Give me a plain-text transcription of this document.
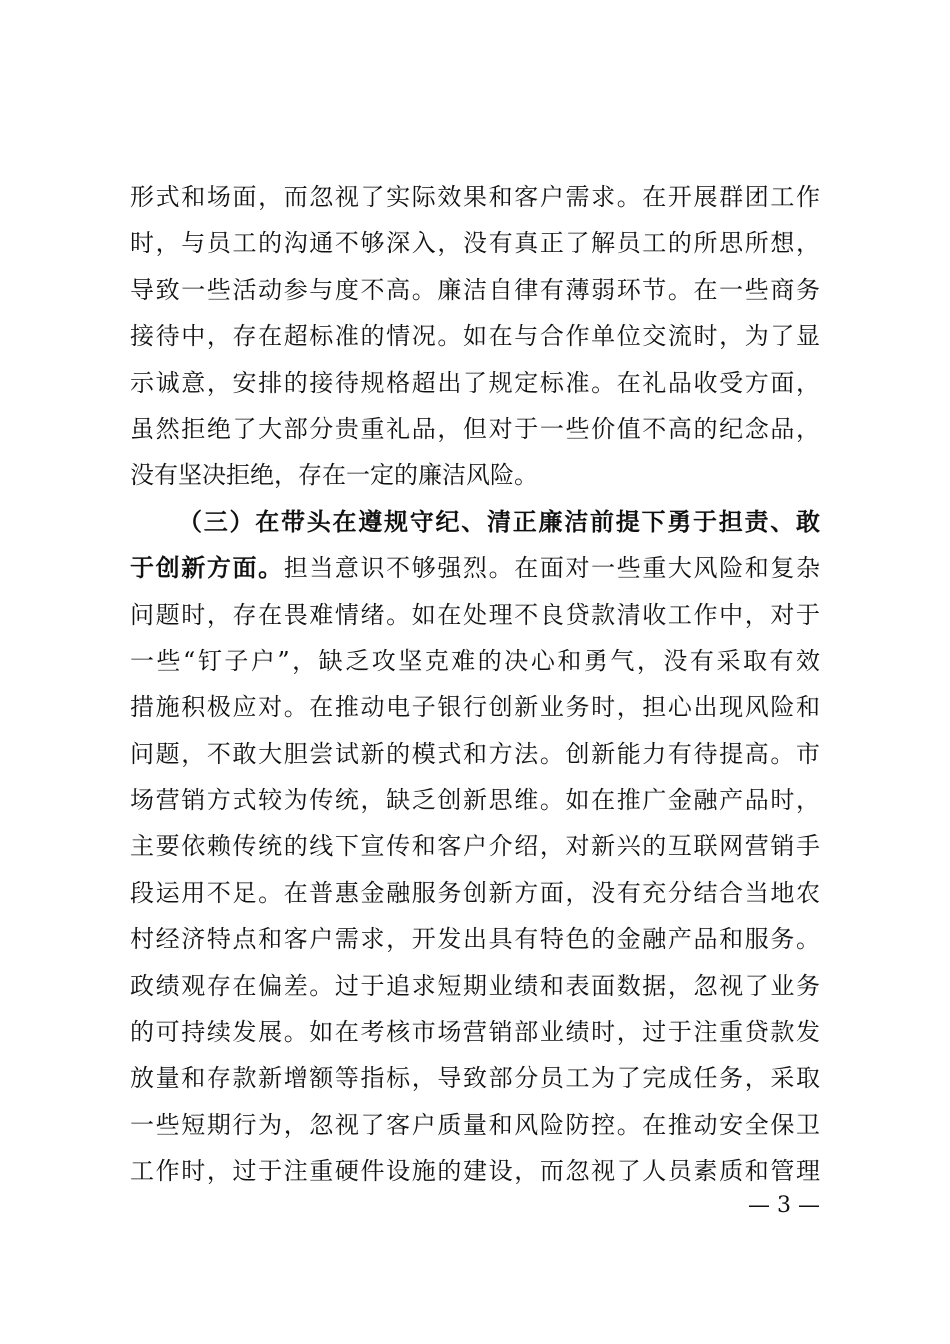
形式和场面，而忽视了实际效果和客户需求。在开展群团工作
时，与员工的沟通不够深入，没有真正了解员工的所思所想，
导致一些活动参与度不高。廉洁自律有薄弱环节。在一些商务
接待中，存在超标准的情况。如在与合作单位交流时，为了显
示诚意，安排的接待规格超出了规定标准。在礼品收受方面，
虽然拒绝了大部分贵重礼品，但对于一些价值不高的纪念品，
没有坚决拒绝，存在一定的廉洁风险。
（三）在带头在遵规守纪、清正廉洁前提下勇于担责、敢
于创新方面。担当意识不够强烈。在面对一些重大风险和复杂
问题时，存在畏难情绪。如在处理不良贷款清收工作中，对于
一些“钉子户”，缺乏攻坚克难的决心和勇气，没有采取有效
措施积极应对。在推动电子银行创新业务时，担心出现风险和
问题，不敢大胆尝试新的模式和方法。创新能力有待提高。市
场营销方式较为传统，缺乏创新思维。如在推广金融产品时，
主要依赖传统的线下宣传和客户介绍，对新兴的互联网营销手
段运用不足。在普惠金融服务创新方面，没有充分结合当地农
村经济特点和客户需求，开发出具有特色的金融产品和服务。
政绩观存在偏差。过于追求短期业绩和表面数据，忽视了业务
的可持续发展。如在考核市场营销部业绩时，过于注重贷款发
放量和存款新增额等指标，导致部分员工为了完成任务，采取
一些短期行为，忽视了客户质量和风险防控。在推动安全保卫
工作时，过于注重硬件设施的建设，而忽视了人员素质和管理
— 3 —
